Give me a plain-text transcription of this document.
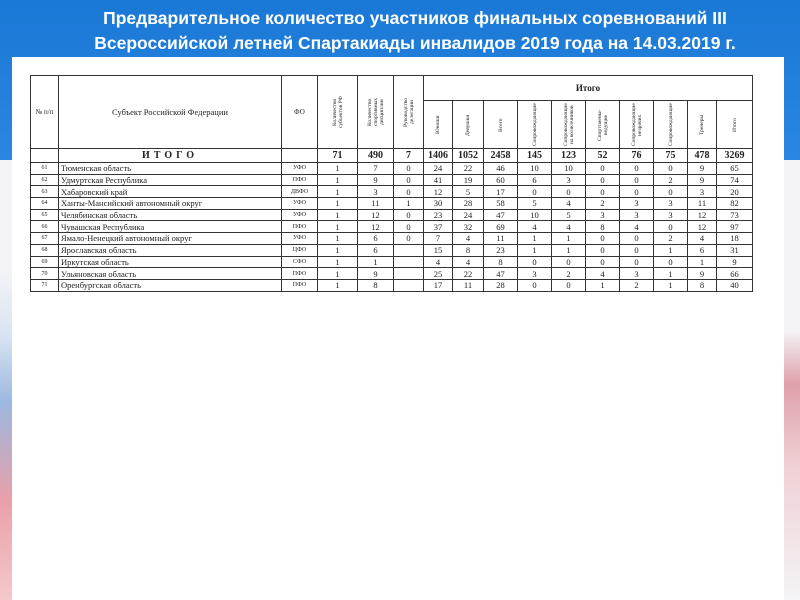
Предварительное количество участников финальных соревнований III Всероссийской летней Спартакиады инвалидов 2019 года на 14.03.2019 г.
№ п/п	Субъект Российской Федерации	ФО	Количество субъектов РФ	Количество спортивных дисциплин	Руководство делегации	Итого									

						Юноши	Девушки	Всего	Сопровождающие	Сопровождающие на колясочников	Спортсмены-ведущие	Сопровождающие незрячих	Сопровождающие	Тренеры	Итого

	ИТОГО		71	490	7	1406	1052	2458	145	123	52	76	75	478	3269
61	Тюменская область	УФО	1	7	0	24	22	46	10	10	0	0	0	9	65
62	Удмуртская Республика	ПФО	1	9	0	41	19	60	6	3	0	0	2	9	74
63	Хабаровский край	ДВФО	1	3	0	12	5	17	0	0	0	0	0	3	20
64	Ханты-Мансийский автономный округ	УФО	1	11	1	30	28	58	5	4	2	3	3	11	82
65	Челябинская область	УФО	1	12	0	23	24	47	10	5	3	3	3	12	73
66	Чувашская Республика	ПФО	1	12	0	37	32	69	4	4	8	4	0	12	97
67	Ямало-Ненецкий автономный округ	УФО	1	6	0	7	4	11	1	1	0	0	2	4	18
68	Ярославская область	ЦФО	1	6		15	8	23	1	1	0	0	1	6	31
69	Иркутская область	СФО	1	1		4	4	8	0	0	0	0	0	1	9
70	Ульяновская область	ПФО	1	9		25	22	47	3	2	4	3	1	9	66
71	Оренбургская область	ПФО	1	8		17	11	28	0	0	1	2	1	8	40
